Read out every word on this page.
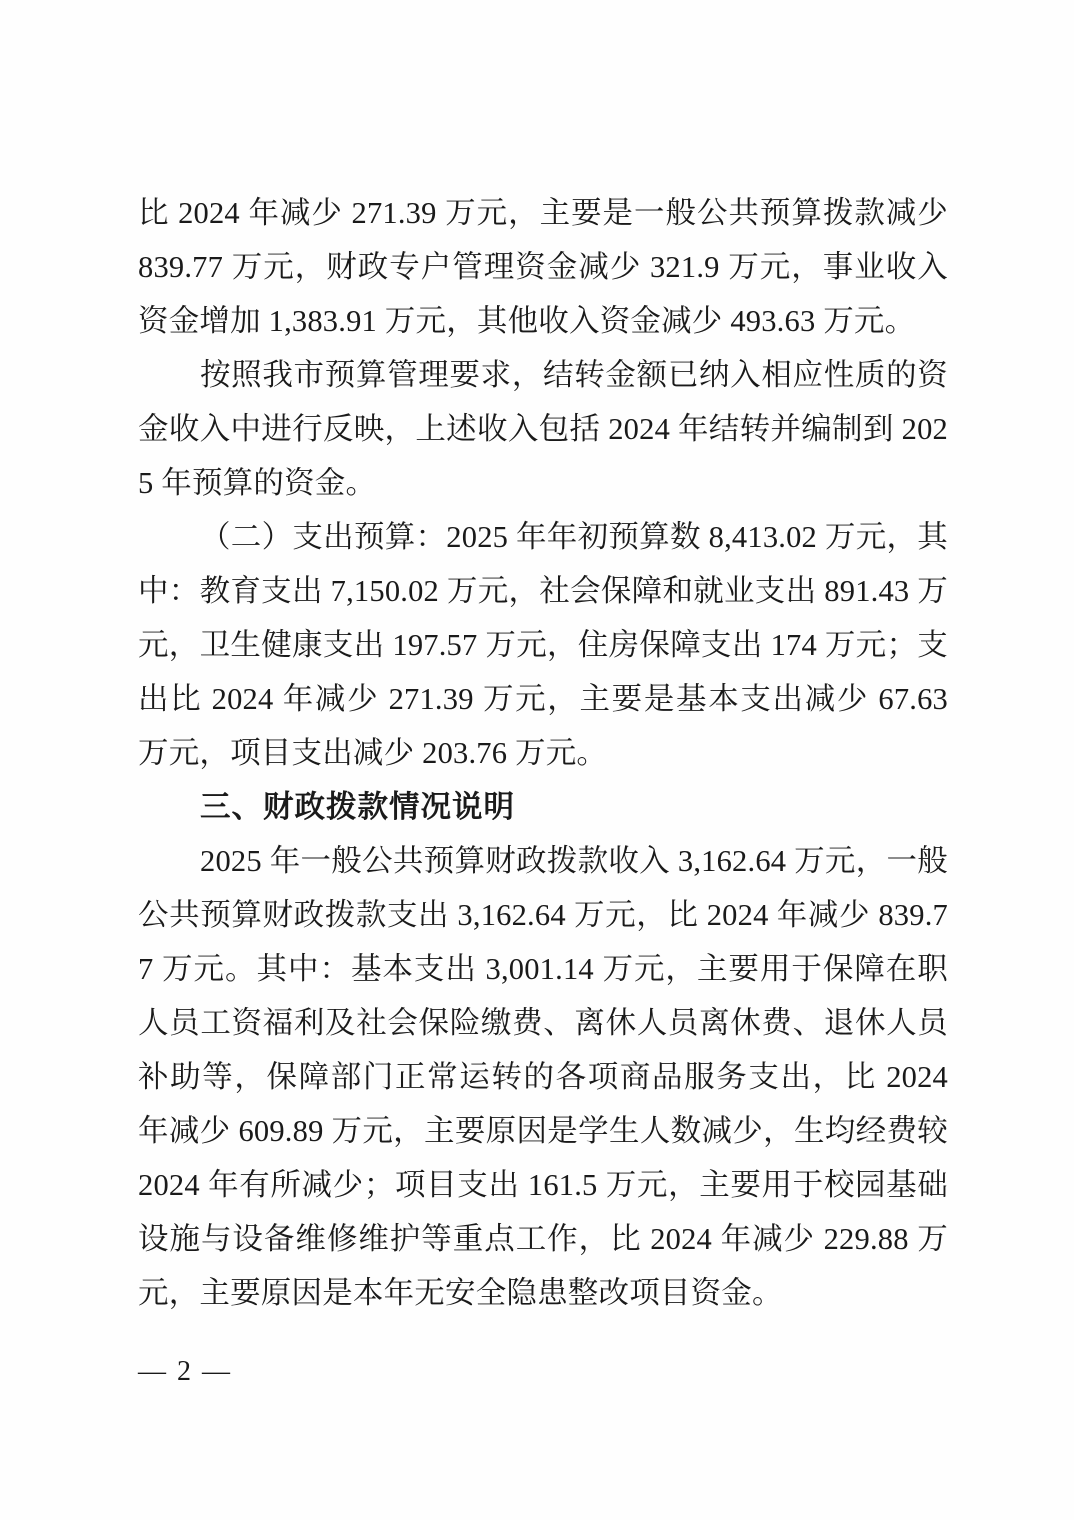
比 2024 年减少 271.39 万元，主要是一般公共预算拨款减少 839.77 万元，财政专户管理资金减少 321.9 万元，事业收入资金增加 1,383.91 万元，其他收入资金减少 493.63 万元。

按照我市预算管理要求，结转金额已纳入相应性质的资金收入中进行反映，上述收入包括 2024 年结转并编制到 2025 年预算的资金。

（二）支出预算：2025 年年初预算数 8,413.02 万元，其中：教育支出 7,150.02 万元，社会保障和就业支出 891.43 万元，卫生健康支出 197.57 万元，住房保障支出 174 万元；支出比 2024 年减少 271.39 万元，主要是基本支出减少 67.63 万元，项目支出减少 203.76 万元。

三、财政拨款情况说明

2025 年一般公共预算财政拨款收入 3,162.64 万元，一般公共预算财政拨款支出 3,162.64 万元，比 2024 年减少 839.77 万元。其中：基本支出 3,001.14 万元，主要用于保障在职人员工资福利及社会保险缴费、离休人员离休费、退休人员补助等，保障部门正常运转的各项商品服务支出，比 2024 年减少 609.89 万元，主要原因是学生人数减少，生均经费较 2024 年有所减少；项目支出 161.5 万元，主要用于校园基础设施与设备维修维护等重点工作，比 2024 年减少 229.88 万元，主要原因是本年无安全隐患整改项目资金。

— 2 —
